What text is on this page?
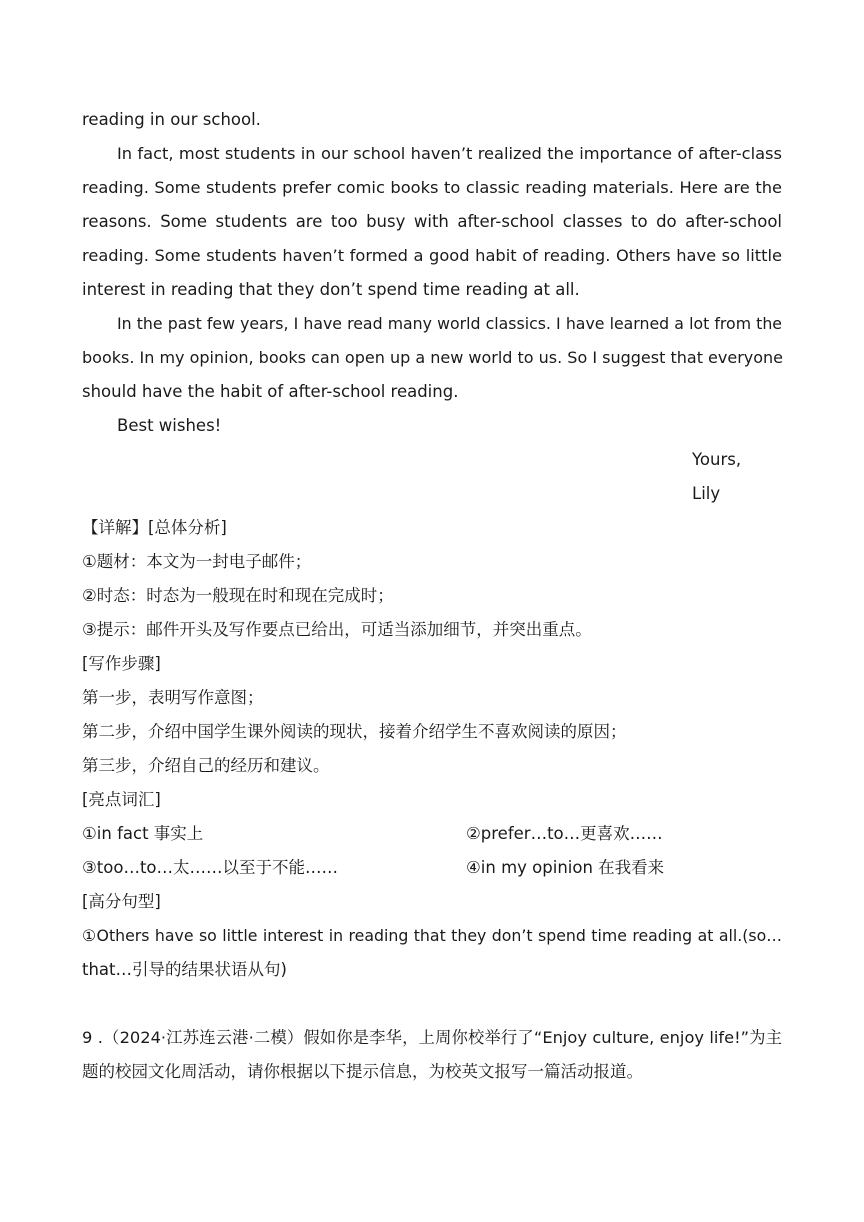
reading in our school.
In fact, most students in our school haven’t realized the importance of after-class
reading. Some students prefer comic books to classic reading materials. Here are the
reasons. Some students are too busy with after-school classes to do after-school
reading. Some students haven’t formed a good habit of reading. Others have so little
interest in reading that they don’t spend time reading at all.
In the past few years, I have read many world classics. I have learned a lot from the
books. In my opinion, books can open up a new world to us. So I suggest that everyone
should have the habit of after-school reading.
Best wishes!
Yours,
Lily
【详解】[总体分析]
①题材：本文为一封电子邮件；
②时态：时态为一般现在时和现在完成时；
③提示：邮件开头及写作要点已给出，可适当添加细节，并突出重点。
[写作步骤]
第一步，表明写作意图；
第二步，介绍中国学生课外阅读的现状，接着介绍学生不喜欢阅读的原因；
第三步，介绍自己的经历和建议。
[亮点词汇]
①in fact 事实上	②prefer…to…更喜欢……
③too…to…太……以至于不能……	④in my opinion 在我看来
[高分句型]
①Others have so little interest in reading that they don’t spend time reading at all.(so…
that…引导的结果状语从句)
9 .（2024·江苏连云港·二模）假如你是李华，上周你校举行了“Enjoy culture, enjoy life!”为主
题的校园文化周活动，请你根据以下提示信息，为校英文报写一篇活动报道。
